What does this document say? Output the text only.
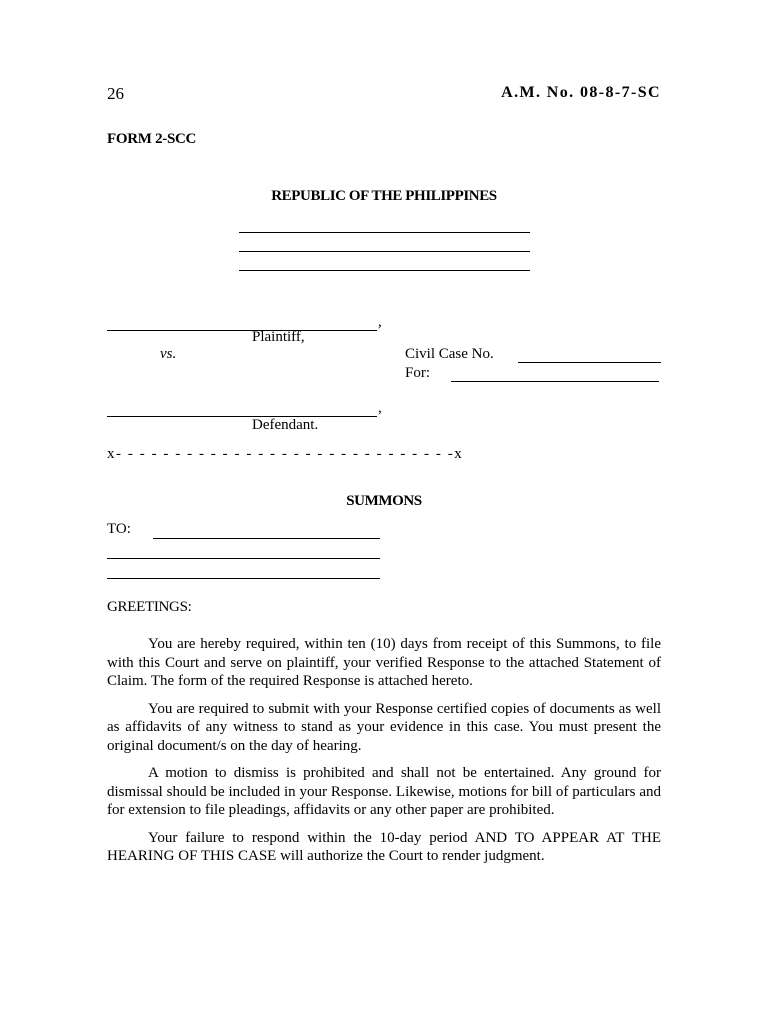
26	A.M. No. 08-8-7-SC
FORM 2-SCC
REPUBLIC OF THE PHILIPPINES
,
Plaintiff,
vs.	Civil Case No.
For:
,
Defendant.
x- - - - - - - - - - - - - - - - - - - - - - - - - - - - -x
SUMMONS
TO:
GREETINGS:

You are hereby required, within ten (10) days from receipt of this Summons, to file with this Court and serve on plaintiff, your verified Response to the attached Statement of Claim. The form of the required Response is attached hereto.

You are required to submit with your Response certified copies of documents as well as affidavits of any witness to stand as your evidence in this case. You must present the original document/s on the day of hearing.

A motion to dismiss is prohibited and shall not be entertained. Any ground for dismissal should be included in your Response. Likewise, motions for bill of particulars and for extension to file pleadings, affidavits or any other paper are prohibited.

Your failure to respond within the 10-day period AND TO APPEAR AT THE HEARING OF THIS CASE will authorize the Court to render judgment.
